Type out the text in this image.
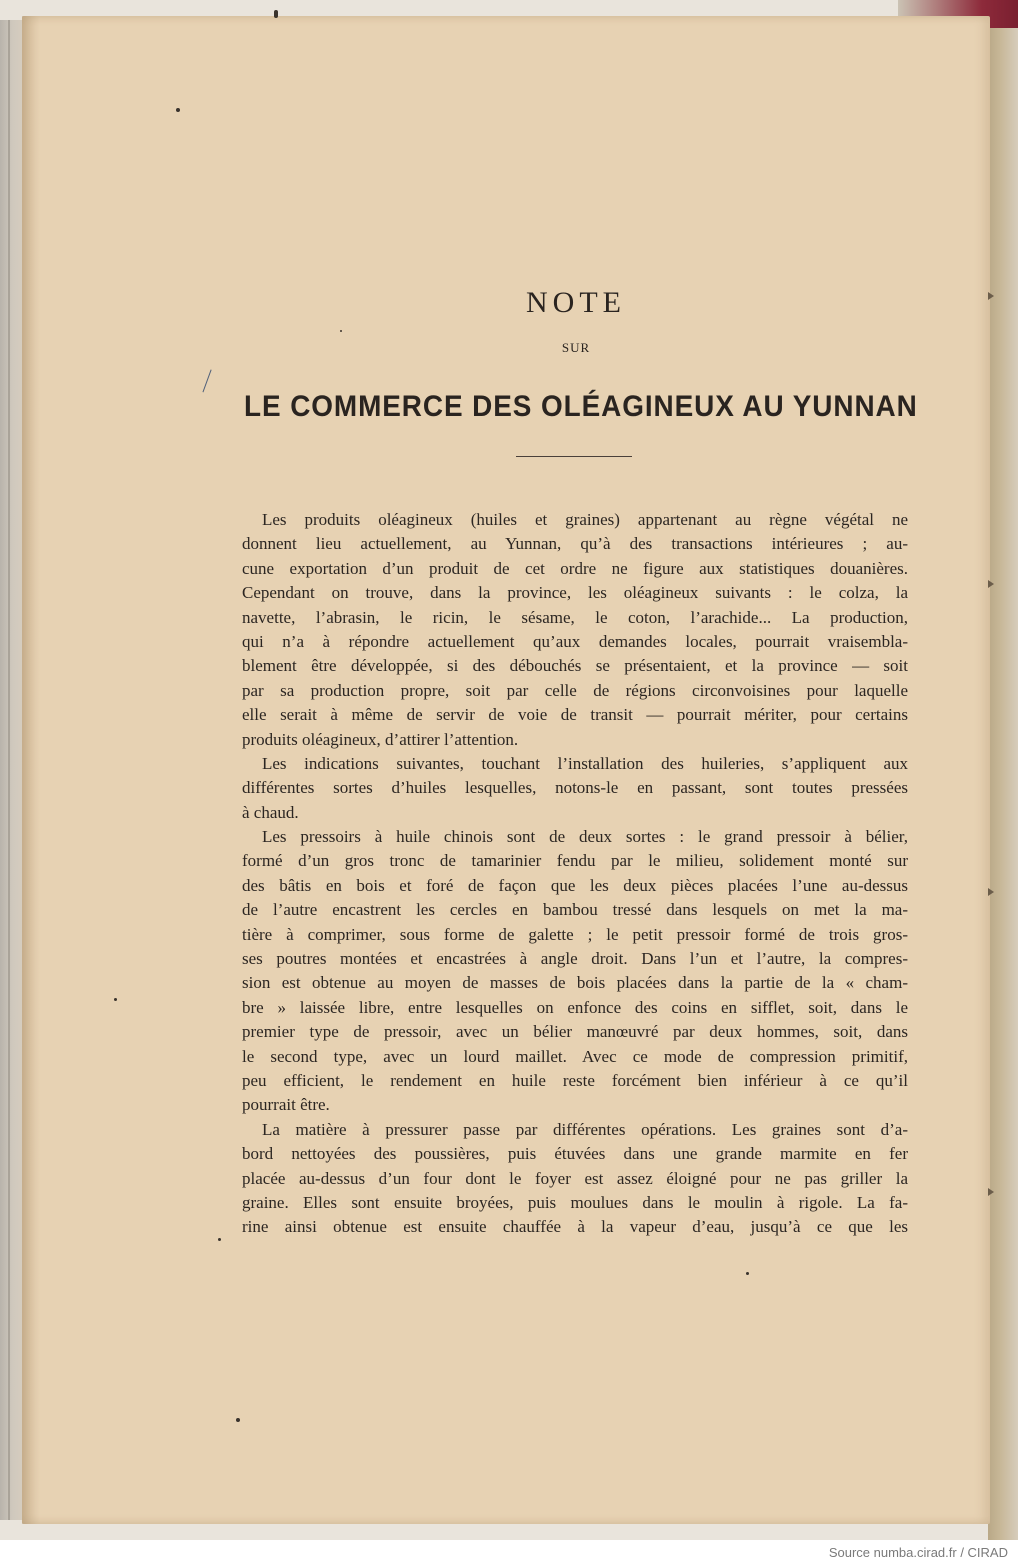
NOTE
SUR
LE COMMERCE DES OLÉAGINEUX AU YUNNAN
Les produits oléagineux (huiles et graines) appartenant au règne végétal ne
donnent lieu actuellement, au Yunnan, qu’à des transactions intérieures ; au-
cune exportation d’un produit de cet ordre ne figure aux statistiques douanières.
Cependant on trouve, dans la province, les oléagineux suivants : le colza, la
navette, l’abrasin, le ricin, le sésame, le coton, l’arachide... La production,
qui n’a à répondre actuellement qu’aux demandes locales, pourrait vraisembla-
blement être développée, si des débouchés se présentaient, et la province — soit
par sa production propre, soit par celle de régions circonvoisines pour laquelle
elle serait à même de servir de voie de transit — pourrait mériter, pour certains
produits oléagineux, d’attirer l’attention.
Les indications suivantes, touchant l’installation des huileries, s’appliquent aux
différentes sortes d’huiles lesquelles, notons-le en passant, sont toutes pressées
à chaud.
Les pressoirs à huile chinois sont de deux sortes : le grand pressoir à bélier,
formé d’un gros tronc de tamarinier fendu par le milieu, solidement monté sur
des bâtis en bois et foré de façon que les deux pièces placées l’une au-dessus
de l’autre encastrent les cercles en bambou tressé dans lesquels on met la ma-
tière à comprimer, sous forme de galette ; le petit pressoir formé de trois gros-
ses poutres montées et encastrées à angle droit. Dans l’un et l’autre, la compres-
sion est obtenue au moyen de masses de bois placées dans la partie de la « cham-
bre » laissée libre, entre lesquelles on enfonce des coins en sifflet, soit, dans le
premier type de pressoir, avec un bélier manœuvré par deux hommes, soit, dans
le second type, avec un lourd maillet. Avec ce mode de compression primitif,
peu efficient, le rendement en huile reste forcément bien inférieur à ce qu’il
pourrait être.
La matière à pressurer passe par différentes opérations. Les graines sont d’a-
bord nettoyées des poussières, puis étuvées dans une grande marmite en fer
placée au-dessus d’un four dont le foyer est assez éloigné pour ne pas griller la
graine. Elles sont ensuite broyées, puis moulues dans le moulin à rigole. La fa-
rine ainsi obtenue est ensuite chauffée à la vapeur d’eau, jusqu’à ce que les
Source numba.cirad.fr / CIRAD
